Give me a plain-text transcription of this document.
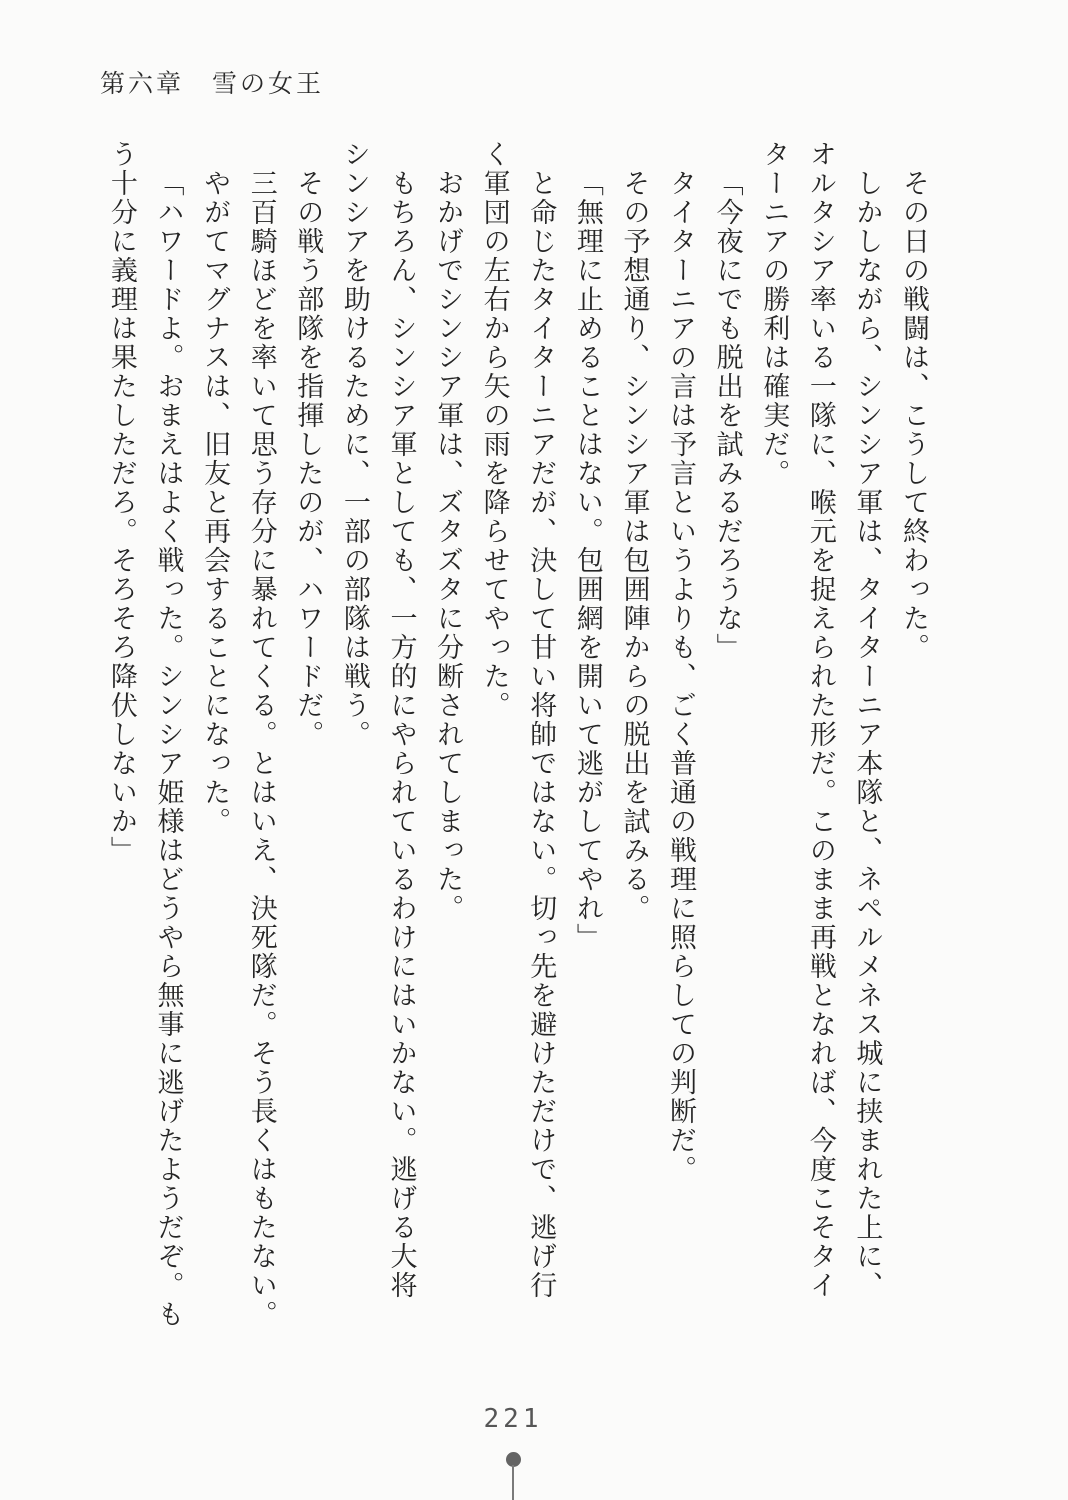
第六章　雪の女王
その日の戦闘は、こうして終わった。
しかしながら、シンシア軍は、タイターニア本隊と、ネペルメネス城に挟まれた上に、
オルタシア率いる一隊に、喉元を捉えられた形だ。このまま再戦となれば、今度こそタイ
ターニアの勝利は確実だ。
「今夜にでも脱出を試みるだろうな」
タイターニアの言は予言というよりも、ごく普通の戦理に照らしての判断だ。
その予想通り、シンシア軍は包囲陣からの脱出を試みる。
「無理に止めることはない。包囲網を開いて逃がしてやれ」
と命じたタイターニアだが、決して甘い将帥ではない。切っ先を避けただけで、逃げ行
く軍団の左右から矢の雨を降らせてやった。
おかげでシンシア軍は、ズタズタに分断されてしまった。
もちろん、シンシア軍としても、一方的にやられているわけにはいかない。逃げる大将
シンシアを助けるために、一部の部隊は戦う。
その戦う部隊を指揮したのが、ハワードだ。
三百騎ほどを率いて思う存分に暴れてくる。とはいえ、決死隊だ。そう長くはもたない。
やがてマグナスは、旧友と再会することになった。
「ハワードよ。おまえはよく戦った。シンシア姫様はどうやら無事に逃げたようだぞ。も
う十分に義理は果たしただろ。そろそろ降伏しないか」
221
